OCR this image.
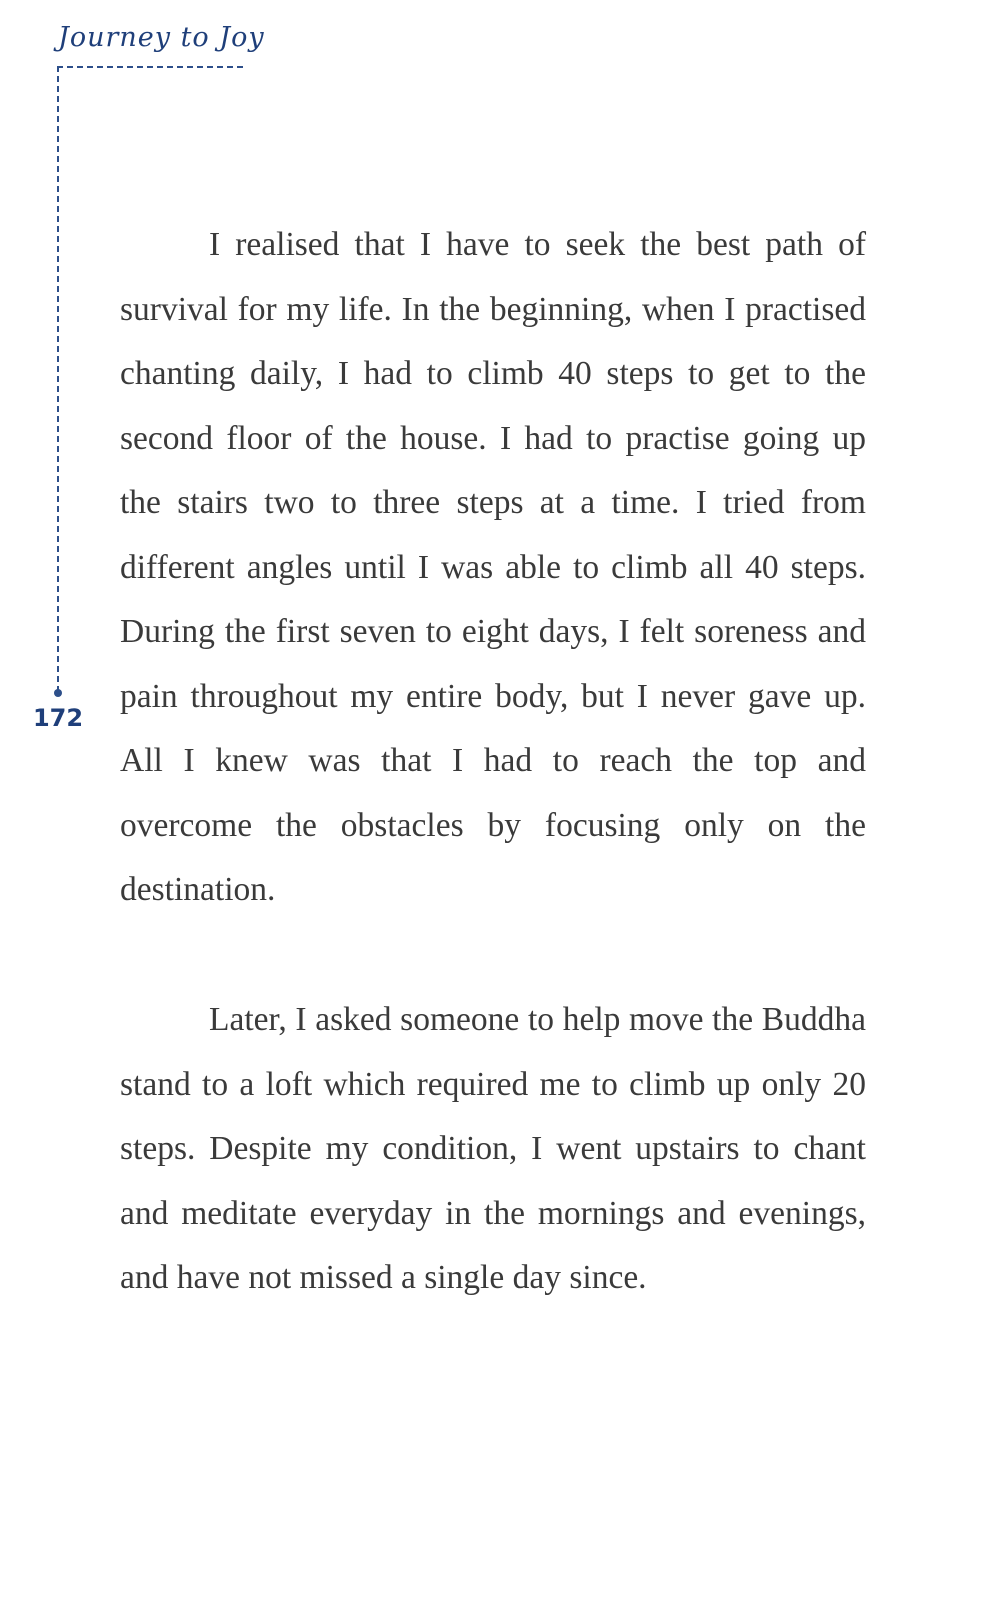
Journey to Joy
172

I realised that I have to seek the best path of survival for my life. In the beginning, when I practised chanting daily, I had to climb 40 steps to get to the second floor of the house. I had to practise going up the stairs two to three steps at a time. I tried from different angles until I was able to climb all 40 steps. During the first seven to eight days, I felt soreness and pain throughout my entire body, but I never gave up. All I knew was that I had to reach the top and overcome the obstacles by focusing only on the destination.

Later, I asked someone to help move the Buddha stand to a loft which required me to climb up only 20 steps. Despite my condition, I went upstairs to chant and meditate everyday in the mornings and evenings, and have not missed a single day since.
